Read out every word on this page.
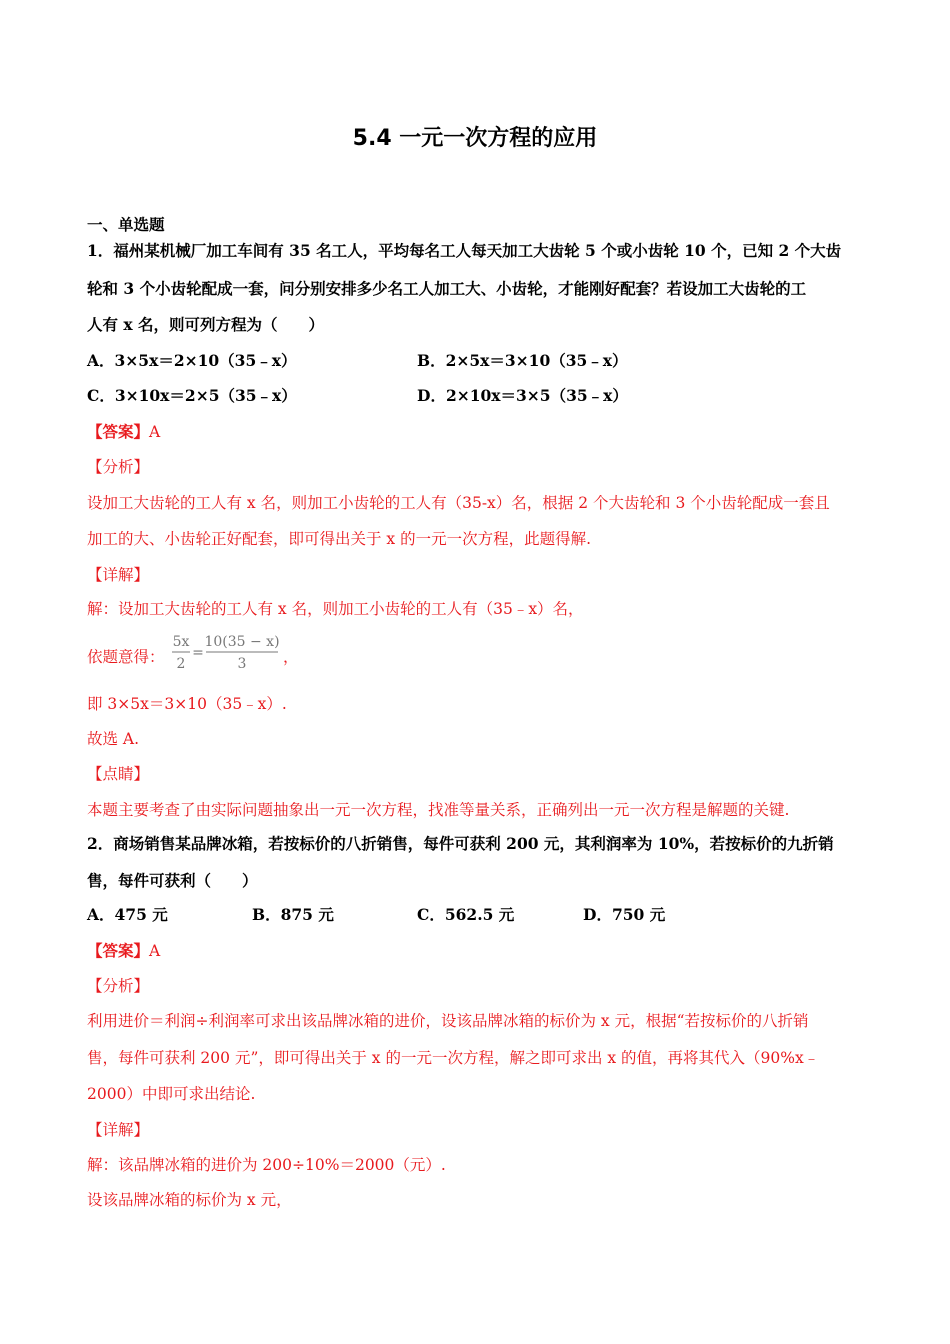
5.4 一元一次方程的应用
一、单选题
1．福州某机械厂加工车间有 35 名工人，平均每名工人每天加工大齿轮 5 个或小齿轮 10 个，已知 2 个大齿
轮和 3 个小齿轮配成一套，问分别安排多少名工人加工大、小齿轮，才能刚好配套？若设加工大齿轮的工
人有 x 名，则可列方程为（　　）
A．3×5x＝2×10（35﹣x）	B．2×5x＝3×10（35﹣x）
C．3×10x＝2×5（35﹣x）	D．2×10x＝3×5（35﹣x）
【答案】A
【分析】
设加工大齿轮的工人有 x 名，则加工小齿轮的工人有（35-x）名，根据 2 个大齿轮和 3 个小齿轮配成一套且
加工的大、小齿轮正好配套，即可得出关于 x 的一元一次方程，此题得解.
【详解】
解：设加工大齿轮的工人有 x 名，则加工小齿轮的工人有（35﹣x）名，
依题意得：
5x
2
=
10(35 − x)
3 ，
即 3×5x＝3×10（35﹣x）.
故选 A.
【点睛】
本题主要考查了由实际问题抽象出一元一次方程，找准等量关系，正确列出一元一次方程是解题的关键.
2．商场销售某品牌冰箱，若按标价的八折销售，每件可获利 200 元，其利润率为 10%，若按标价的九折销
售，每件可获利（　　）
A．475 元	B．875 元	C．562.5 元	D．750 元
【答案】A
【分析】
利用进价＝利润÷利润率可求出该品牌冰箱的进价，设该品牌冰箱的标价为 x 元，根据“若按标价的八折销
售，每件可获利 200 元”，即可得出关于 x 的一元一次方程，解之即可求出 x 的值，再将其代入（90%x﹣
2000）中即可求出结论.
【详解】
解：该品牌冰箱的进价为 200÷10%＝2000（元）.
设该品牌冰箱的标价为 x 元，
